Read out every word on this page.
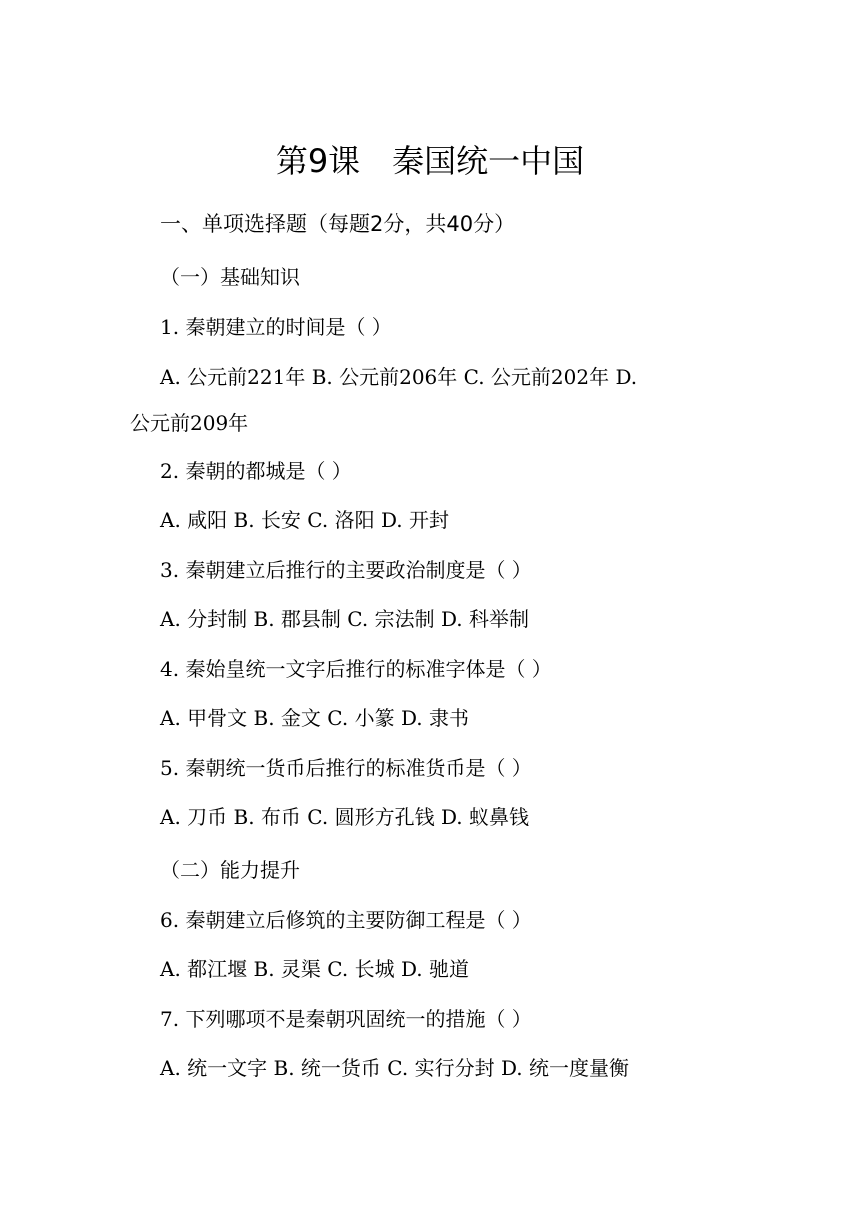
第9课　秦国统一中国
一、单项选择题（每题2分，共40分）
（一）基础知识
1. 秦朝建立的时间是（ ）
A. 公元前221年 B. 公元前206年 C. 公元前202年 D.
公元前209年
2. 秦朝的都城是（ ）
A. 咸阳 B. 长安 C. 洛阳 D. 开封
3. 秦朝建立后推行的主要政治制度是（ ）
A. 分封制 B. 郡县制 C. 宗法制 D. 科举制
4. 秦始皇统一文字后推行的标准字体是（ ）
A. 甲骨文 B. 金文 C. 小篆 D. 隶书
5. 秦朝统一货币后推行的标准货币是（ ）
A. 刀币 B. 布币 C. 圆形方孔钱 D. 蚁鼻钱
（二）能力提升
6. 秦朝建立后修筑的主要防御工程是（ ）
A. 都江堰 B. 灵渠 C. 长城 D. 驰道
7. 下列哪项不是秦朝巩固统一的措施（ ）
A. 统一文字 B. 统一货币 C. 实行分封 D. 统一度量衡
